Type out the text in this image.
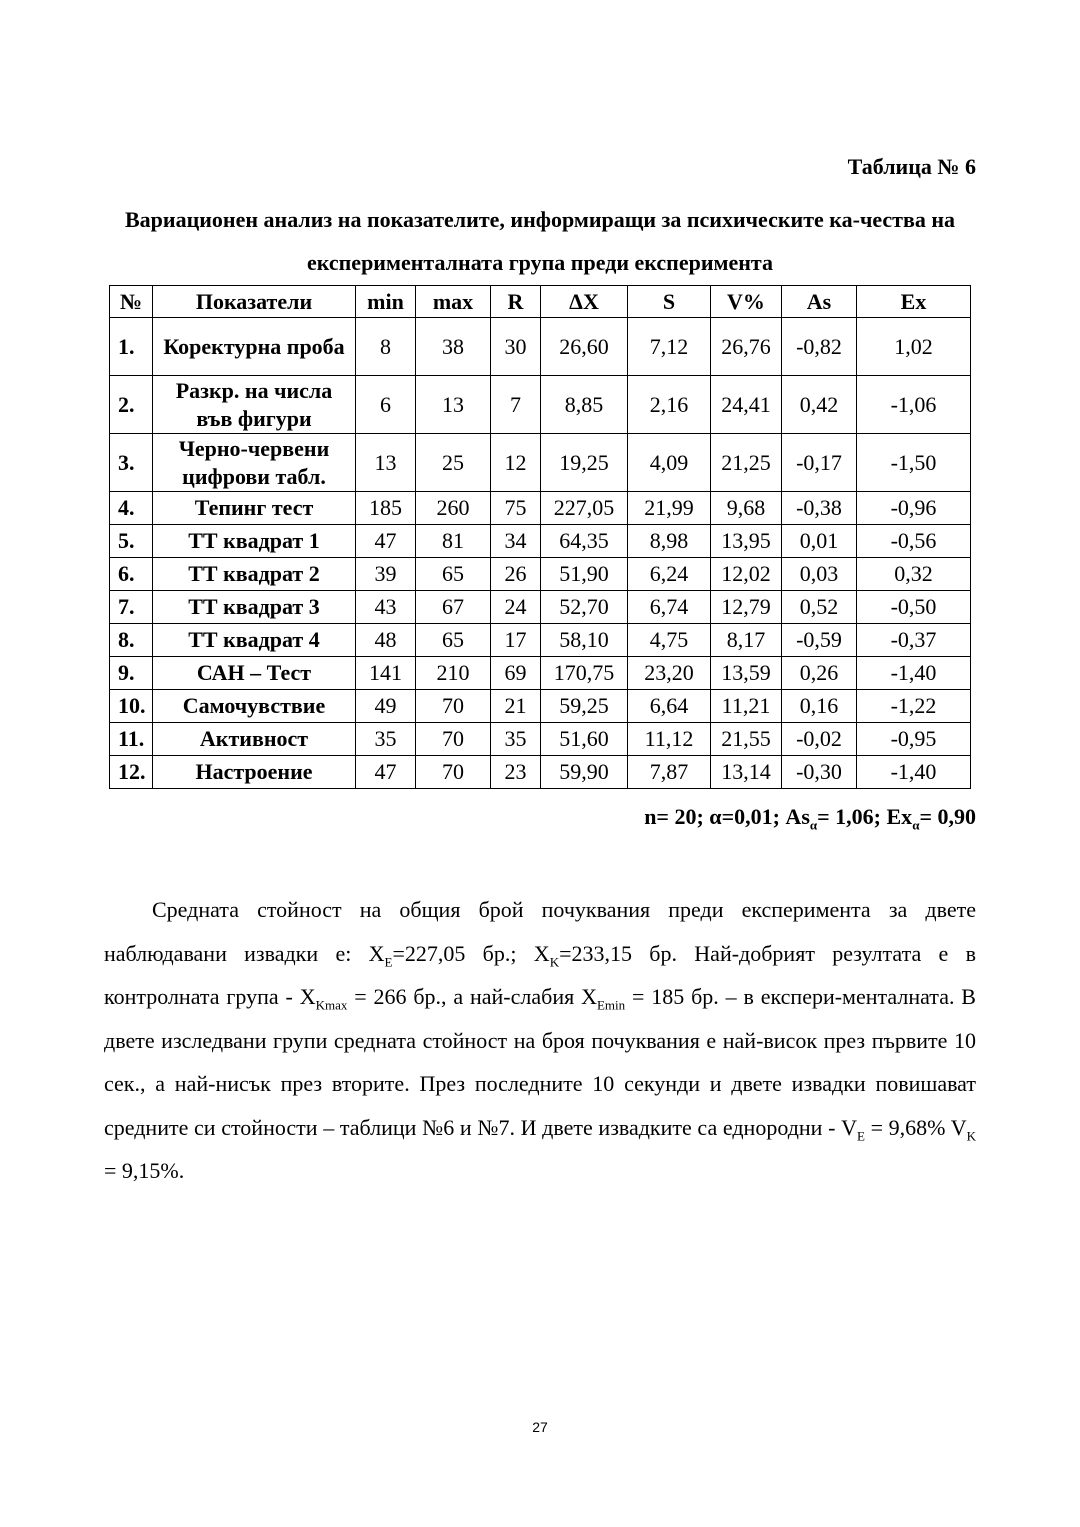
Таблица № 6
Вариационен анализ на показателите, информиращи за психическите ка-чества на експерименталната група преди експеримента
№	Показатели	min	max	R	ΔX	S	V%	As	Ex
1.	Коректурна проба	8	38	30	26,60	7,12	26,76	-0,82	1,02
2.	Разкр. на числа във фигури	6	13	7	8,85	2,16	24,41	0,42	-1,06
3.	Черно-червени цифрови табл.	13	25	12	19,25	4,09	21,25	-0,17	-1,50
4.	Тепинг тест	185	260	75	227,05	21,99	9,68	-0,38	-0,96
5.	ТТ квадрат 1	47	81	34	64,35	8,98	13,95	0,01	-0,56
6.	ТТ квадрат 2	39	65	26	51,90	6,24	12,02	0,03	0,32
7.	ТТ квадрат 3	43	67	24	52,70	6,74	12,79	0,52	-0,50
8.	ТТ квадрат 4	48	65	17	58,10	4,75	8,17	-0,59	-0,37
9.	САН – Тест	141	210	69	170,75	23,20	13,59	0,26	-1,40
10.	Самочувствие	49	70	21	59,25	6,64	11,21	0,16	-1,22
11.	Активност	35	70	35	51,60	11,12	21,55	-0,02	-0,95
12.	Настроение	47	70	23	59,90	7,87	13,14	-0,30	-1,40
n= 20; α=0,01; $As_\alpha= 1,06$; $Ex_\alpha= 0,90$
Средната стойност на общия брой почуквания преди експеримента за двете наблюдавани извадки е: $X_E=227,05$ бр.; $X_K=233,15$ бр. Най-добрият резултата е в контролната група - $X_{Kmax} = 266$ бр., а най-слабия $X_{Emin} = 185$ бр. – в експери-менталната. В двете изследвани групи средната стойност на броя почуквания е най-висок през първите 10 сек., а най-нисък през вторите. През последните 10 секунди и двете извадки повишават средните си стойности – таблици №6 и №7. И двете извадките са еднородни - $V_E = 9,68\%$ $V_K = 9,15\%$.
27
